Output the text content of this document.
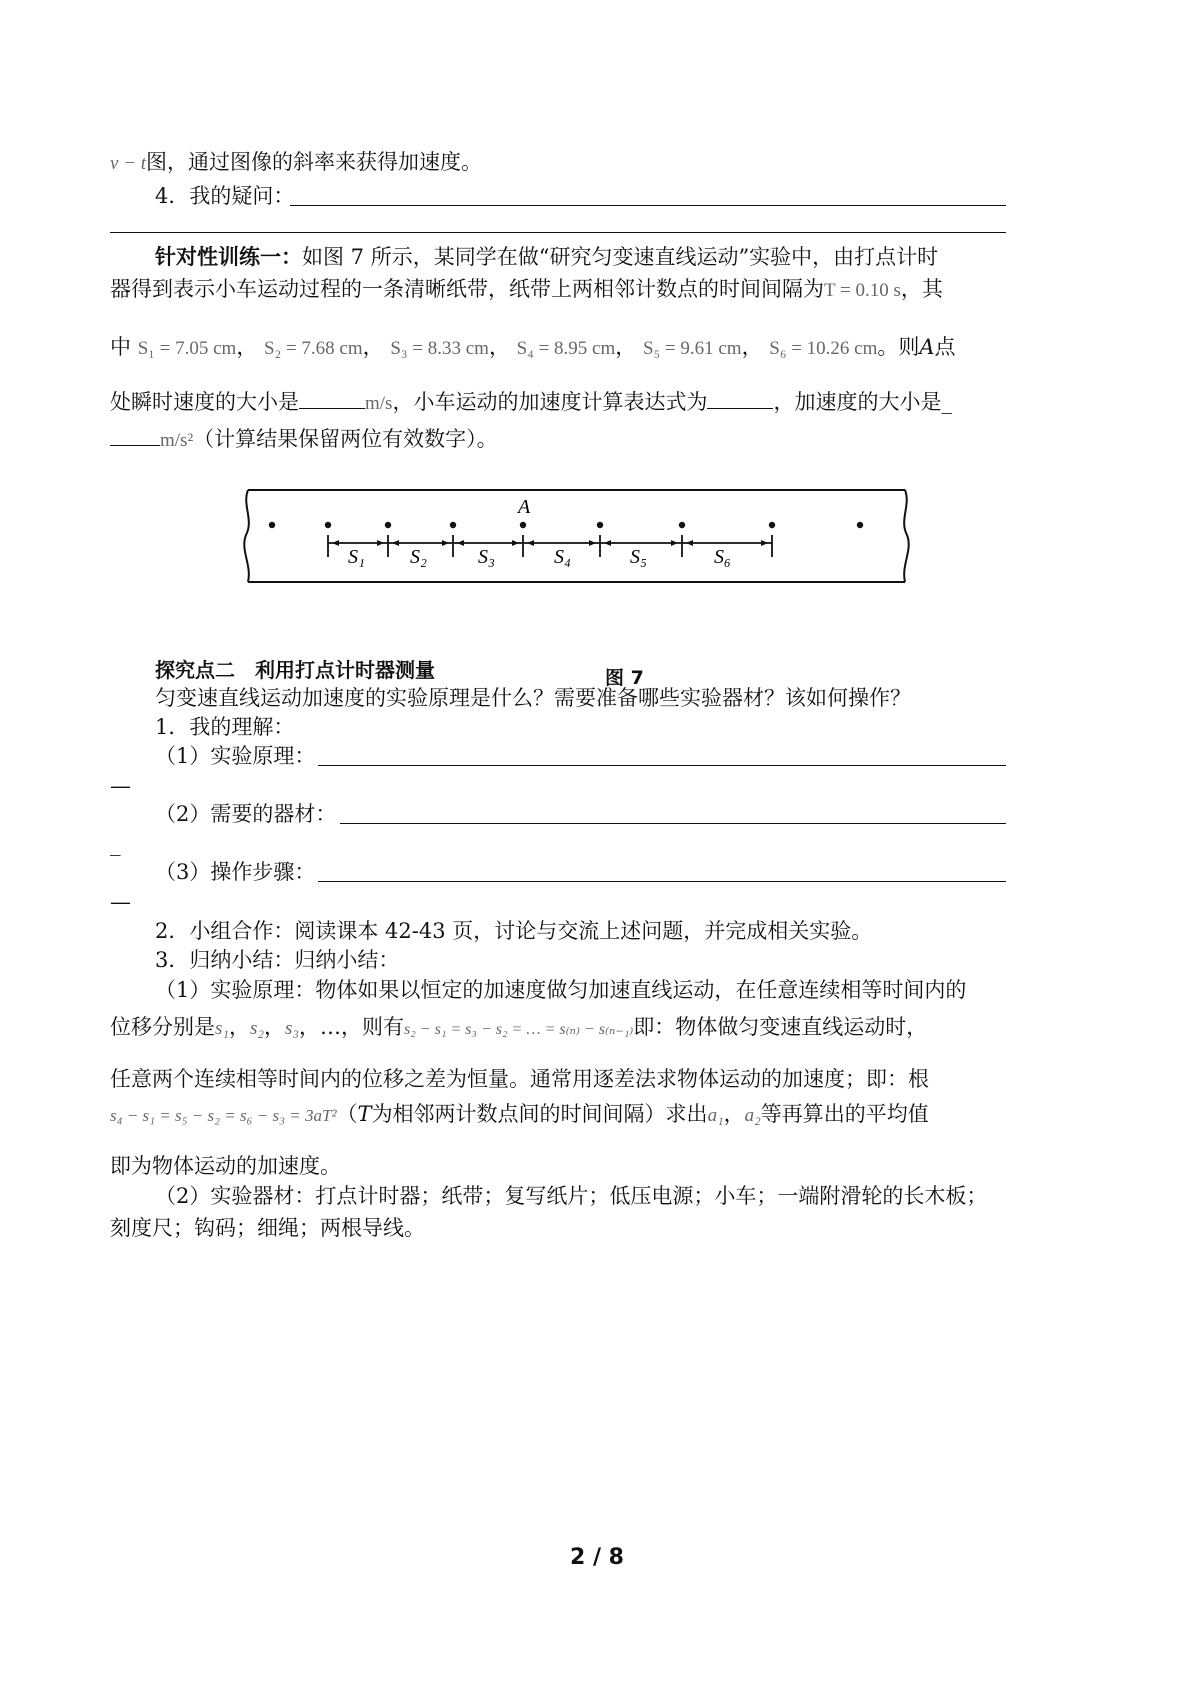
v − t图，通过图像的斜率来获得加速度。
4．我的疑问：
针对性训练一：如图 7 所示，某同学在做“研究匀变速直线运动”实验中，由打点计时
器得到表示小车运动过程的一条清晰纸带，纸带上两相邻计数点的时间间隔为T = 0.10 s，其
中 S₁ = 7.05 cm， S₂ = 7.68 cm， S₃ = 8.33 cm， S₄ = 8.95 cm， S₅ = 9.61 cm， S₆ = 10.26 cm。则A点
处瞬时速度的大小是	m/s，小车运动的加速度计算表达式为	，加速度的大小是_
m/s²（计算结果保留两位有效数字）。
A
S₁ S₂	S₃	S₄	S₅	S₆
图 7
探究点二　利用打点计时器测量
匀变速直线运动加速度的实验原理是什么？需要准备哪些实验器材？该如何操作？
1．我的理解：
（1）实验原理：
—
（2）需要的器材：
_
（3）操作步骤：
—
2．小组合作：阅读课本 42-43 页，讨论与交流上述问题，并完成相关实验。
3．归纳小结：归纳小结：
（1）实验原理：物体如果以恒定的加速度做匀加速直线运动，在任意连续相等时间内的
位移分别是s₁，s₂，s₃，…，则有s₂ − s₁ = s₃ − s₂ = … = s₍ₙ₎ − s₍ₙ₋₁₎即：物体做匀变速直线运动时，
任意两个连续相等时间内的位移之差为恒量。通常用逐差法求物体运动的加速度；即：根
s₄ − s₁ = s₅ − s₂ = s₆ − s₃ = 3aT²（T为相邻两计数点间的时间间隔）求出a₁，a₂等再算出的平均值
即为物体运动的加速度。
（2）实验器材：打点计时器；纸带；复写纸片；低压电源；小车；一端附滑轮的长木板；
刻度尺；钩码；细绳；两根导线。
2 / 8
